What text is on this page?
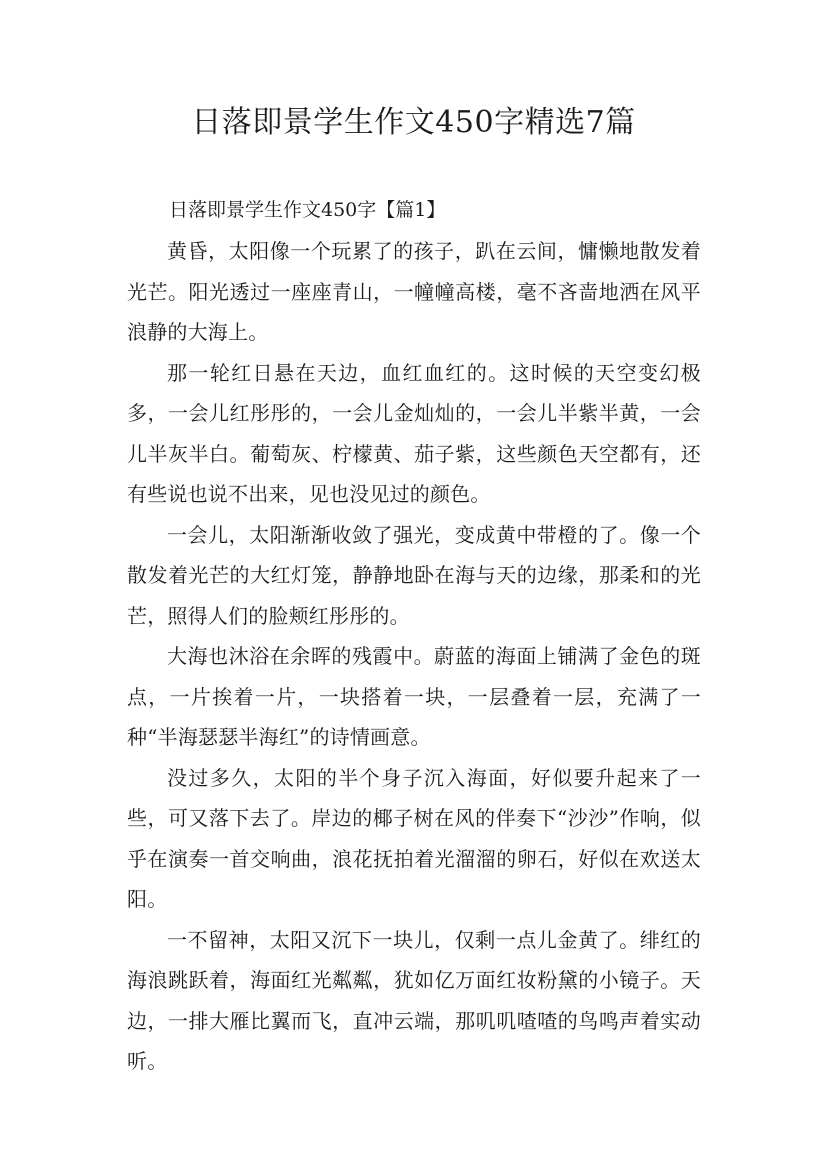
日落即景学生作文450字精选7篇

日落即景学生作文450字【篇1】

黄昏，太阳像一个玩累了的孩子，趴在云间，慵懒地散发着光芒。阳光透过一座座青山，一幢幢高楼，毫不吝啬地洒在风平浪静的大海上。

那一轮红日悬在天边，血红血红的。这时候的天空变幻极多，一会儿红彤彤的，一会儿金灿灿的，一会儿半紫半黄，一会儿半灰半白。葡萄灰、柠檬黄、茄子紫，这些颜色天空都有，还有些说也说不出来，见也没见过的颜色。

一会儿，太阳渐渐收敛了强光，变成黄中带橙的了。像一个散发着光芒的大红灯笼，静静地卧在海与天的边缘，那柔和的光芒，照得人们的脸颊红彤彤的。

大海也沐浴在余晖的残霞中。蔚蓝的海面上铺满了金色的斑点，一片挨着一片，一块搭着一块，一层叠着一层，充满了一种“半海瑟瑟半海红”的诗情画意。

没过多久，太阳的半个身子沉入海面，好似要升起来了一些，可又落下去了。岸边的椰子树在风的伴奏下“沙沙”作响，似乎在演奏一首交响曲，浪花抚拍着光溜溜的卵石，好似在欢送太阳。

一不留神，太阳又沉下一块儿，仅剩一点儿金黄了。绯红的海浪跳跃着，海面红光粼粼，犹如亿万面红妆粉黛的小镜子。天边，一排大雁比翼而飞，直冲云端，那叽叽喳喳的鸟鸣声着实动听。
